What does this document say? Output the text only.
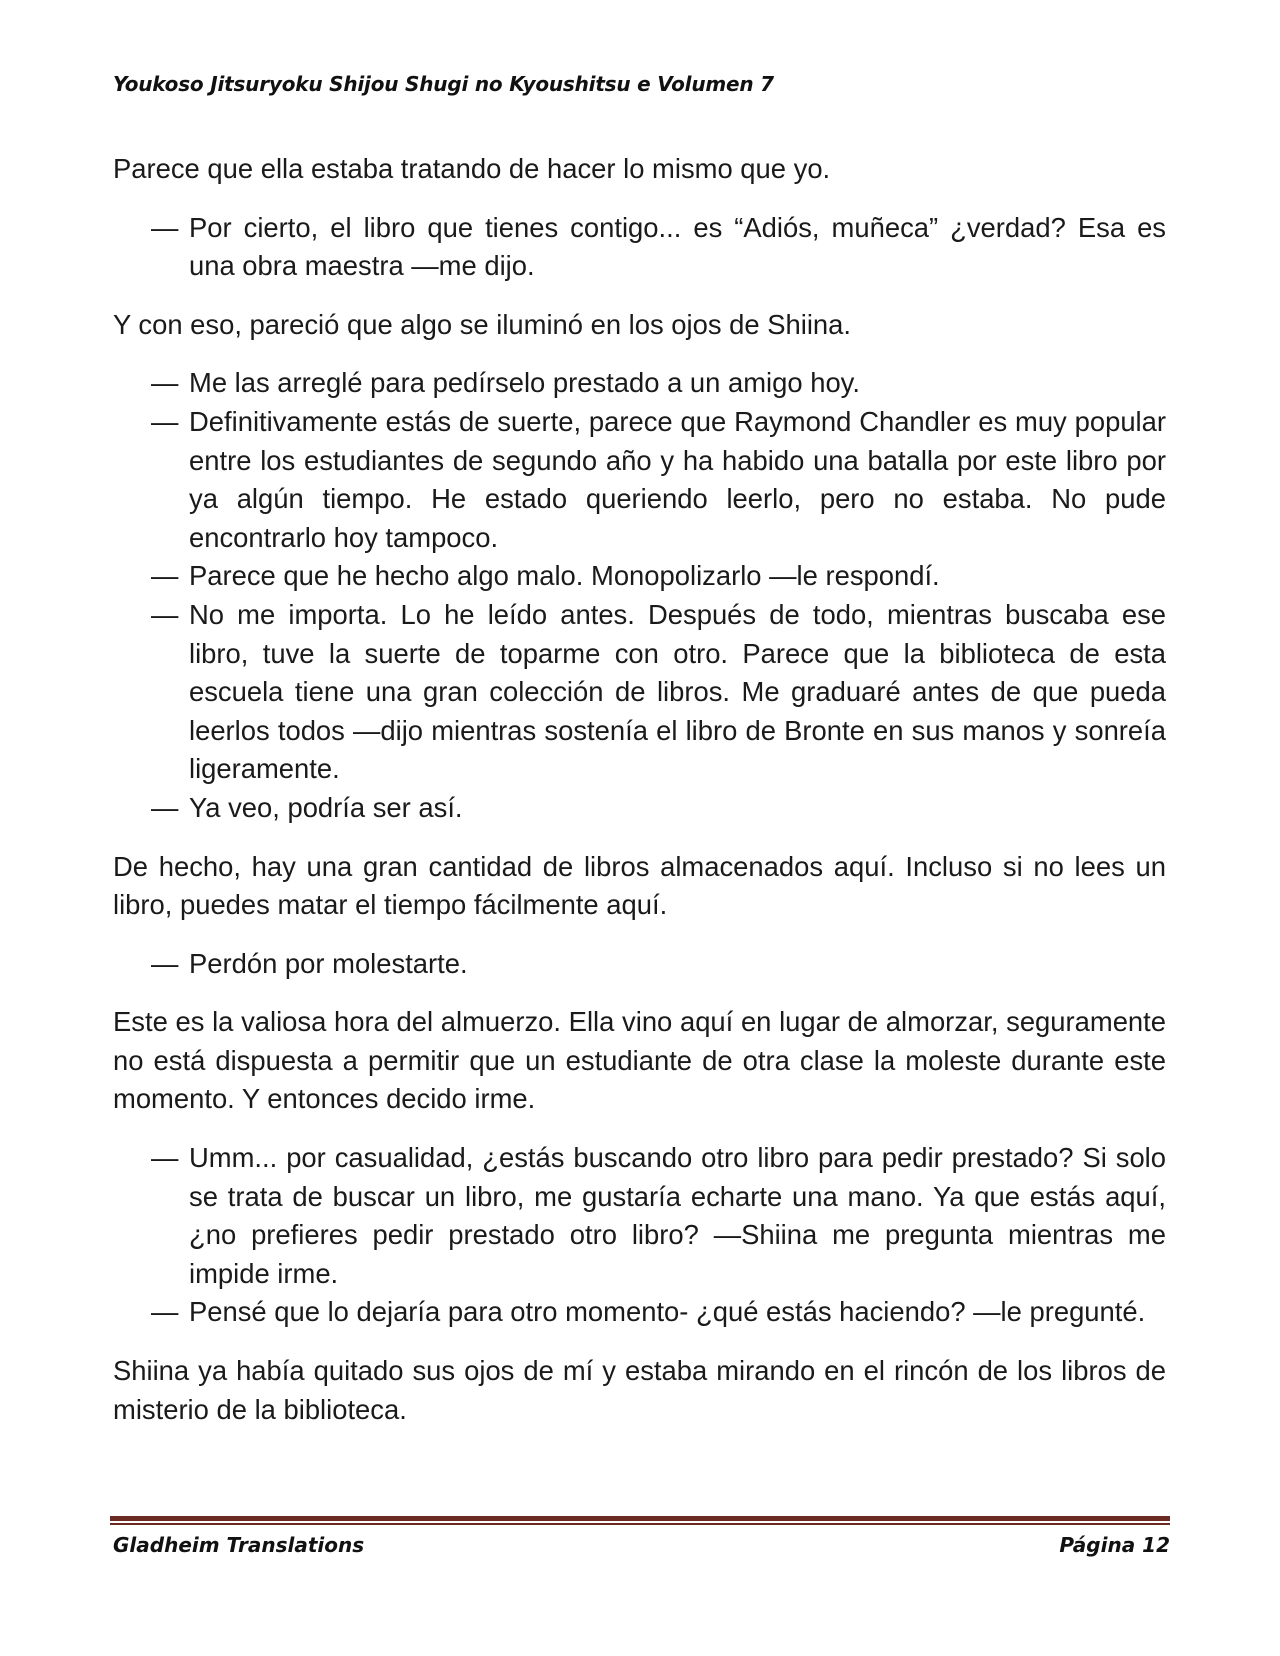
Youkoso Jitsuryoku Shijou Shugi no Kyoushitsu e Volumen 7

Parece que ella estaba tratando de hacer lo mismo que yo.

— Por cierto, el libro que tienes contigo... es “Adiós, muñeca” ¿verdad? Esa es una obra maestra —me dijo.

Y con eso, pareció que algo se iluminó en los ojos de Shiina.

— Me las arreglé para pedírselo prestado a un amigo hoy.

— Definitivamente estás de suerte, parece que Raymond Chandler es muy popular entre los estudiantes de segundo año y ha habido una batalla por este libro por ya algún tiempo. He estado queriendo leerlo, pero no estaba. No pude encontrarlo hoy tampoco.

— Parece que he hecho algo malo. Monopolizarlo —le respondí.

— No me importa. Lo he leído antes. Después de todo, mientras buscaba ese libro, tuve la suerte de toparme con otro. Parece que la biblioteca de esta escuela tiene una gran colección de libros. Me graduaré antes de que pueda leerlos todos —dijo mientras sostenía el libro de Bronte en sus manos y sonreía ligeramente.

— Ya veo, podría ser así.

De hecho, hay una gran cantidad de libros almacenados aquí. Incluso si no lees un libro, puedes matar el tiempo fácilmente aquí.

— Perdón por molestarte.

Este es la valiosa hora del almuerzo. Ella vino aquí en lugar de almorzar, seguramente no está dispuesta a permitir que un estudiante de otra clase la moleste durante este momento. Y entonces decido irme.

— Umm... por casualidad, ¿estás buscando otro libro para pedir prestado? Si solo se trata de buscar un libro, me gustaría echarte una mano. Ya que estás aquí, ¿no prefieres pedir prestado otro libro? —Shiina me pregunta mientras me impide irme.

— Pensé que lo dejaría para otro momento- ¿qué estás haciendo? —le pregunté.

Shiina ya había quitado sus ojos de mí y estaba mirando en el rincón de los libros de misterio de la biblioteca.

Gladheim Translations	Página 12
